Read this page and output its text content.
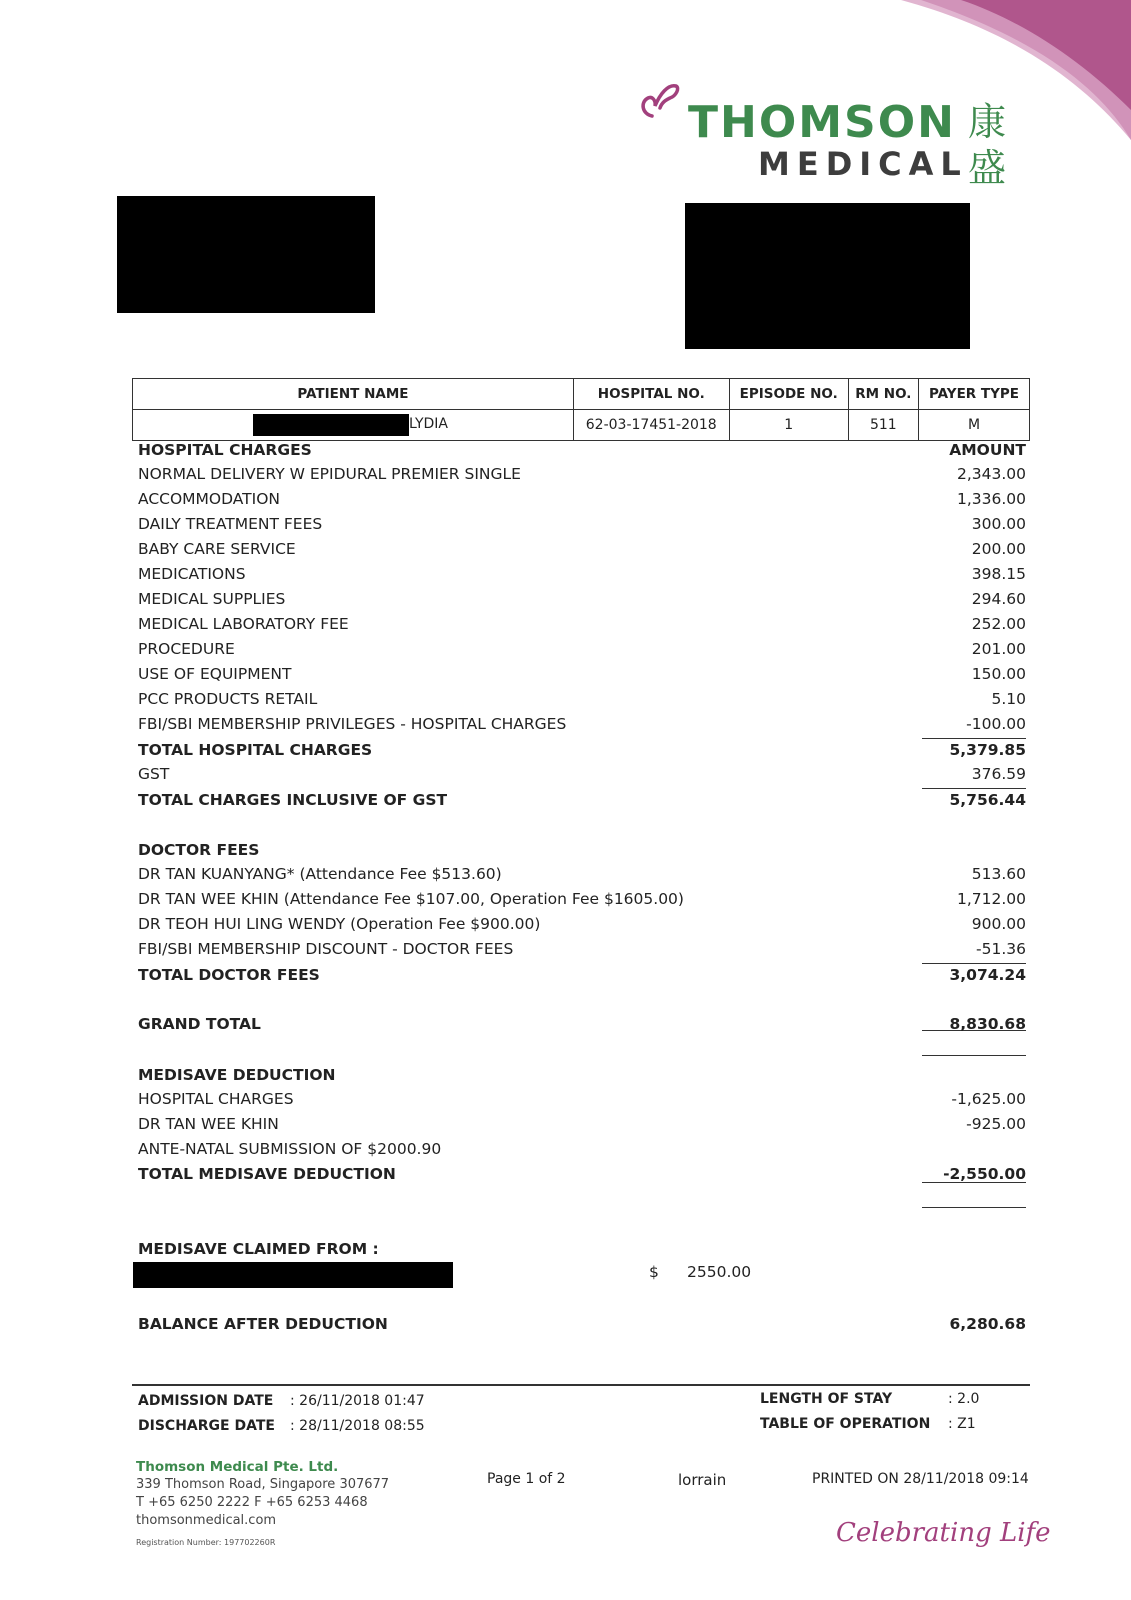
THOMSON
MEDICAL
康
盛
PATIENT NAME	HOSPITAL NO.	EPISODE NO.	RM NO.	PAYER TYPE

LYDIA	62-03-17451-2018	1	511	M
HOSPITAL CHARGES	AMOUNT
NORMAL DELIVERY W EPIDURAL PREMIER SINGLE	2,343.00
ACCOMMODATION	1,336.00
DAILY TREATMENT FEES	300.00
BABY CARE SERVICE	200.00
MEDICATIONS	398.15
MEDICAL SUPPLIES	294.60
MEDICAL LABORATORY FEE	252.00
PROCEDURE	201.00
USE OF EQUIPMENT	150.00
PCC PRODUCTS RETAIL	5.10
FBI/SBI MEMBERSHIP PRIVILEGES - HOSPITAL CHARGES	-100.00
TOTAL HOSPITAL CHARGES	5,379.85
GST	376.59
TOTAL CHARGES INCLUSIVE OF GST	5,756.44
DOCTOR FEES
DR TAN KUANYANG* (Attendance Fee $513.60)	513.60
DR TAN WEE KHIN (Attendance Fee $107.00, Operation Fee $1605.00)	1,712.00
DR TEOH HUI LING WENDY (Operation Fee $900.00)	900.00
FBI/SBI MEMBERSHIP DISCOUNT - DOCTOR FEES	-51.36
TOTAL DOCTOR FEES	3,074.24
GRAND TOTAL	8,830.68
MEDISAVE DEDUCTION
HOSPITAL CHARGES	-1,625.00
DR TAN WEE KHIN	-925.00
ANTE-NATAL SUBMISSION OF $2000.90
TOTAL MEDISAVE DEDUCTION	-2,550.00
MEDISAVE CLAIMED FROM :
$ 2550.00
BALANCE AFTER DEDUCTION	6,280.68
ADMISSION DATE : 26/11/2018 01:47
DISCHARGE DATE : 28/11/2018 08:55
LENGTH OF STAY	: 2.0
TABLE OF OPERATION : Z1
Thomson Medical Pte. Ltd.
339 Thomson Road, Singapore 307677
T +65 6250 2222 F +65 6253 4468
thomsonmedical.com
Registration Number: 197702260R
Page 1 of 2	lorrain	PRINTED ON 28/11/2018 09:14
Celebrating Life
